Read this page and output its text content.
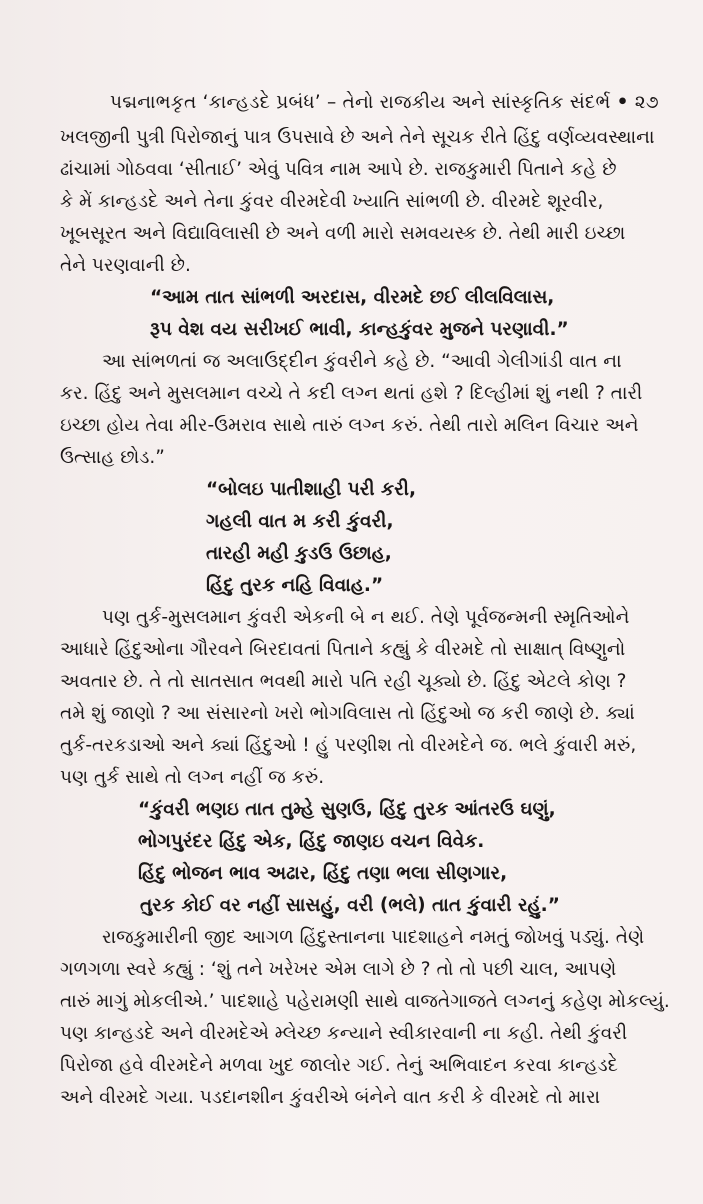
પદ્મનાભકૃત ‘કાન્હડદે પ્રબંધ’ – તેનો રાજકીય અને સાંસ્કૃતિક સંદર્ભ • ૨૭
ખલજીની પુત્રી પિરોજાનું પાત્ર ઉપસાવે છે અને તેને સૂચક રીતે હિંદુ વર્ણવ્યવસ્થાના
ઢાંચામાં ગોઠવવા ‘સીતાઈ’ એવું પવિત્ર નામ આપે છે. રાજકુમારી પિતાને કહે છે
કે મેં કાન્હડદે અને તેના કુંવર વીરમદેવી ખ્યાતિ સાંભળી છે. વીરમદે શૂરવીર,
ખૂબસૂરત અને વિદ્યાવિલાસી છે અને વળી મારો સમવયસ્ક છે. તેથી મારી ઇચ્છા
તેને પરણવાની છે.
“આમ તાત સાંભળી અરદાસ, વીરમદે છઈ લીલવિલાસ,
રૂપ વેશ વય સરીખઈ ભાવી, કાન્હકુંવર મુજને પરણાવી.”
આ સાંભળતાં જ અલાઉદ્દીન કુંવરીને કહે છે. “આવી ગેલીગાંડી વાત ના
કર. હિંદુ અને મુસલમાન વચ્ચે તે કદી લગ્ન થતાં હશે ? દિલ્હીમાં શું નથી ? તારી
ઇચ્છા હોય તેવા મીર-ઉમરાવ સાથે તારું લગ્ન કરું. તેથી તારો મલિન વિચાર અને
ઉત્સાહ છોડ.”
“બોલઇ પાતીશાહી પરી કરી,
ગહલી વાત મ કરી કુંવરી,
તારહી મહી કુડઉ ઉછાહ,
હિંદુ તુરક નહિ વિવાહ.”
પણ તુર્ક-મુસલમાન કુંવરી એકની બે ન થઈ. તેણે પૂર્વજન્મની સ્મૃતિઓને
આધારે હિંદુઓના ગૌરવને બિરદાવતાં પિતાને કહ્યું કે વીરમદે તો સાક્ષાત્ વિષ્ણુનો
અવતાર છે. તે તો સાતસાત ભવથી મારો પતિ રહી ચૂક્યો છે. હિંદુ એટલે કોણ ?
તમે શું જાણો ? આ સંસારનો ખરો ભોગવિલાસ તો હિંદુઓ જ કરી જાણે છે. ક્યાં
તુર્ક-તરકડાઓ અને ક્યાં હિંદુઓ ! હું પરણીશ તો વીરમદેને જ. ભલે કુંવારી મરું,
પણ તુર્ક સાથે તો લગ્ન નહીં જ કરું.
“કુંવરી ભણઇ તાત તુમ્હે સુણઉ, હિંદુ તુરક આંતરઉ ઘણું,
ભોગપુરંદર હિંદુ એક, હિંદુ જાણઇ વચન વિવેક.
હિંદુ ભોજન ભાવ અઢાર, હિંદુ તણા ભલા સીણગાર,
તુરક કોઈ વર નહીં સાસહું, વરી (ભલે) તાત કુંવારી રહું.”
રાજકુમારીની જીદ આગળ હિંદુસ્તાનના પાદશાહને નમતું જોખવું પડ્યું. તેણે
ગળગળા સ્વરે કહ્યું : ‘શું તને ખરેખર એમ લાગે છે ? તો તો પછી ચાલ, આપણે
તારું માગું મોકલીએ.’ પાદશાહે પહેરામણી સાથે વાજતેગાજતે લગ્નનું કહેણ મોકલ્યું.
પણ કાન્હડદે અને વીરમદેએ મ્લેચ્છ કન્યાને સ્વીકારવાની ના કહી. તેથી કુંવરી
પિરોજા હવે વીરમદેને મળવા ખુદ જાલોર ગઈ. તેનું અભિવાદન કરવા કાન્હડદે
અને વીરમદે ગયા. પડદાનશીન કુંવરીએ બંનેને વાત કરી કે વીરમદે તો મારા
